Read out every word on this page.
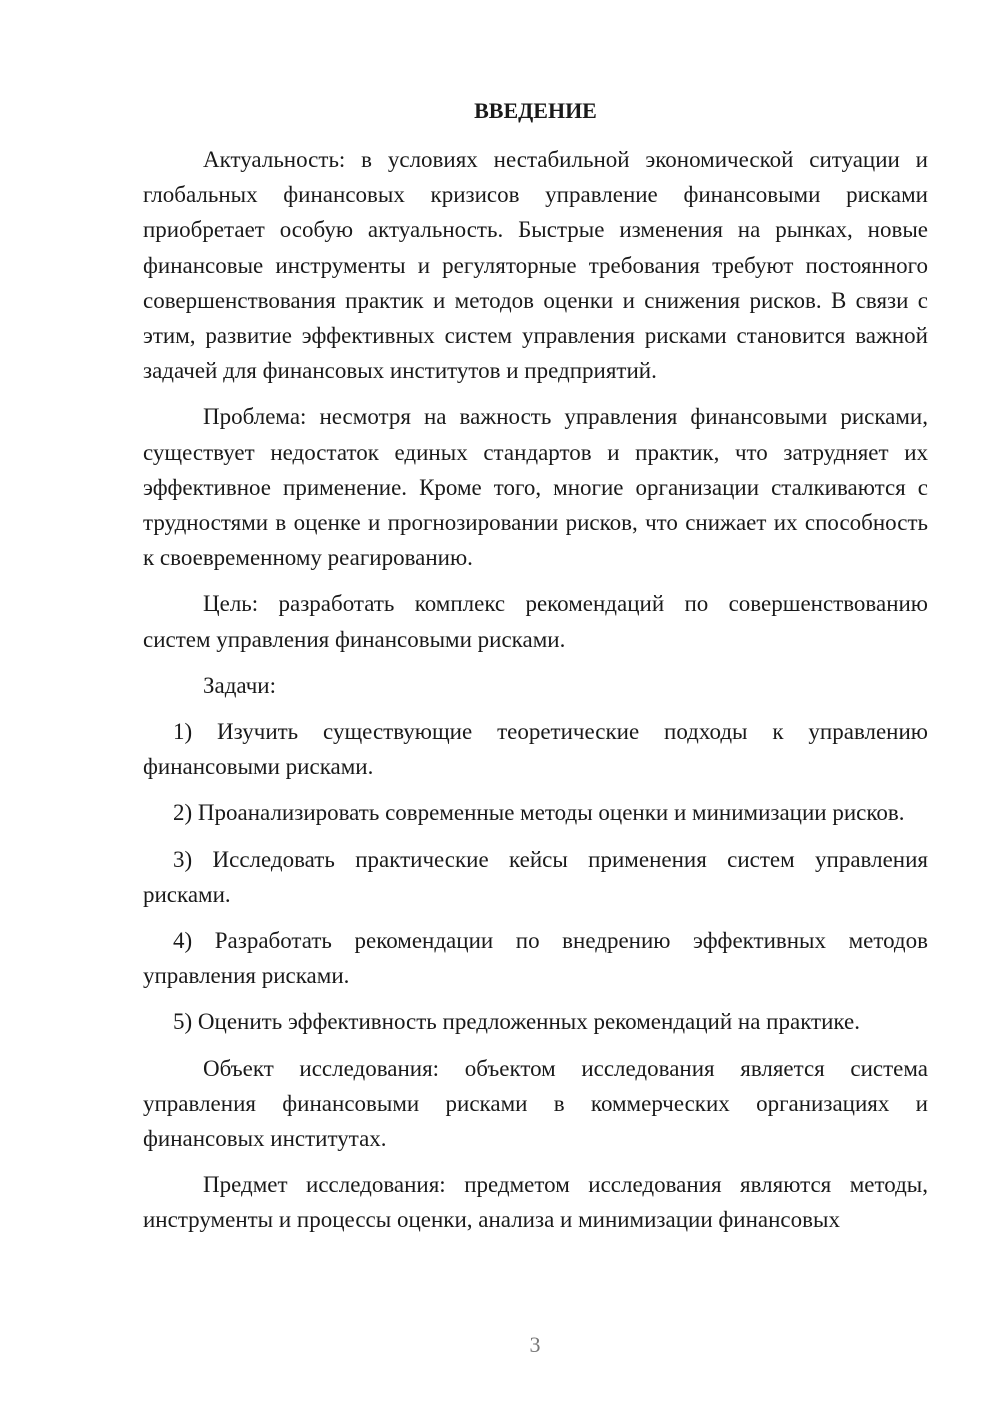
ВВЕДЕНИЕ

Актуальность: в условиях нестабильной экономической ситуации и глобальных финансовых кризисов управление финансовыми рисками приобретает особую актуальность. Быстрые изменения на рынках, новые финансовые инструменты и регуляторные требования требуют постоянного совершенствования практик и методов оценки и снижения рисков. В связи с этим, развитие эффективных систем управления рисками становится важной задачей для финансовых институтов и предприятий.

Проблема: несмотря на важность управления финансовыми рисками, существует недостаток единых стандартов и практик, что затрудняет их эффективное применение. Кроме того, многие организации сталкиваются с трудностями в оценке и прогнозировании рисков, что снижает их способность к своевременному реагированию.

Цель: разработать комплекс рекомендаций по совершенствованию систем управления финансовыми рисками.

Задачи:

1) Изучить существующие теоретические подходы к управлению финансовыми рисками.

2) Проанализировать современные методы оценки и минимизации рисков.

3) Исследовать практические кейсы применения систем управления рисками.

4) Разработать рекомендации по внедрению эффективных методов управления рисками.

5) Оценить эффективность предложенных рекомендаций на практике.

Объект исследования: объектом исследования является система управления финансовыми рисками в коммерческих организациях и финансовых институтах.

Предмет исследования: предметом исследования являются методы, инструменты и процессы оценки, анализа и минимизации финансовых

3
